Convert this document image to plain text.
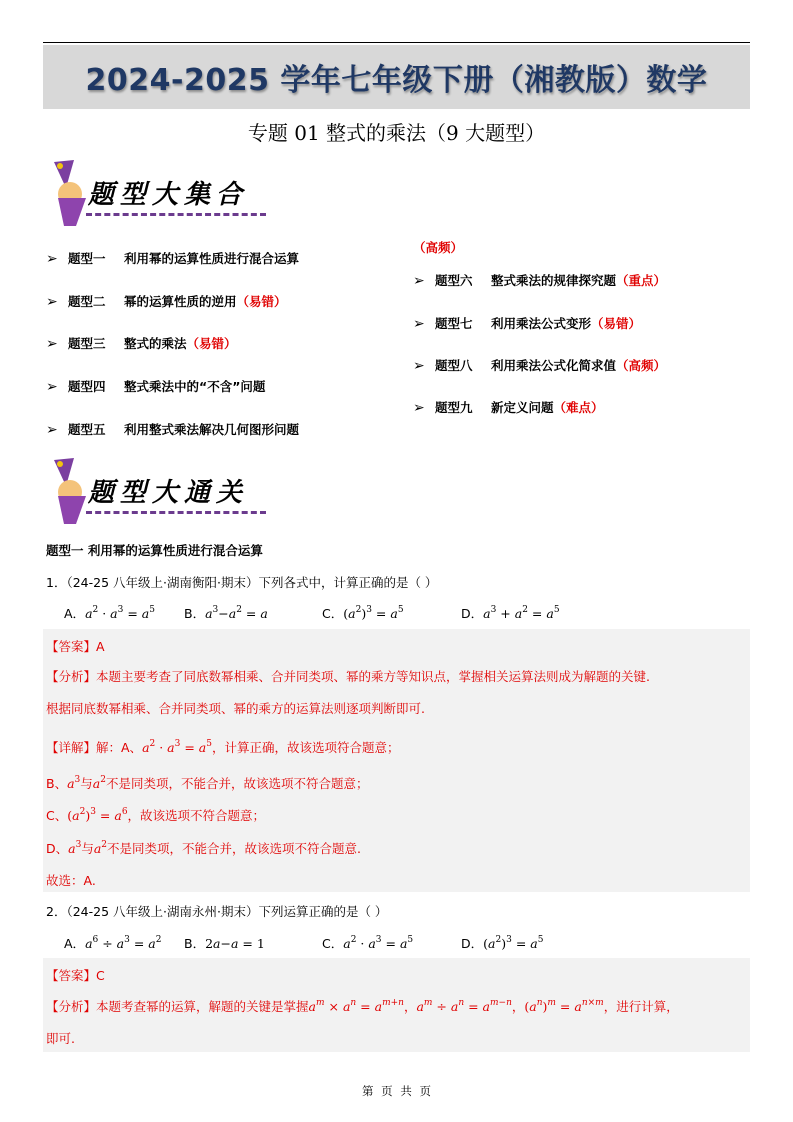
2024-2025 学年七年级下册（湘教版）数学
专题 01 整式的乘法（9 大题型）
题型大集合
➢ 题型一 利用幂的运算性质进行混合运算
➢ 题型二 幂的运算性质的逆用（易错）
➢ 题型三 整式的乘法（易错）
➢ 题型四 整式乘法中的“不含”问题
➢ 题型五 利用整式乘法解决几何图形问题
（高频）
➢ 题型六 整式乘法的规律探究题（重点）
➢ 题型七 利用乘法公式变形（易错）
➢ 题型八 利用乘法公式化简求值（高频）
➢ 题型九 新定义问题（难点）
题型大通关
题型一 利用幂的运算性质进行混合运算
1．（24-25 八年级上·湖南衡阳·期末）下列各式中，计算正确的是（ ）
A．$a^2 \cdot a^3 = a^5$ B．$a^3-a^2 = a$	C．$(a^2)^3 = a^5$	D．$a^3 + a^2 = a^5$
【答案】A
【分析】本题主要考查了同底数幂相乘、合并同类项、幂的乘方等知识点，掌握相关运算法则成为解题的关键.
根据同底数幂相乘、合并同类项、幂的乘方的运算法则逐项判断即可.
【详解】解：A、$a^2 \cdot a^3 = a^5$，计算正确，故该选项符合题意；
B、$a^3$与$a^2$不是同类项，不能合并，故该选项不符合题意；
C、$(a^2)^3 = a^6$，故该选项不符合题意；
D、$a^3$与$a^2$不是同类项，不能合并，故该选项不符合题意.
故选：A.
2．（24-25 八年级上·湖南永州·期末）下列运算正确的是（ ）
A．$a^6 \div a^3 = a^2$ B．2a−a = 1	C．$a^2 \cdot a^3 = a^5$	D．$(a^2)^3 = a^5$
【答案】C
【分析】本题考查幂的运算，解题的关键是掌握$a^m \times a^n = a^{m+n}$，$a^m \div a^n = a^{m-n}$，$(a^n)^m = a^{n\times m}$，进行计算，
即可.
第 页 共 页
